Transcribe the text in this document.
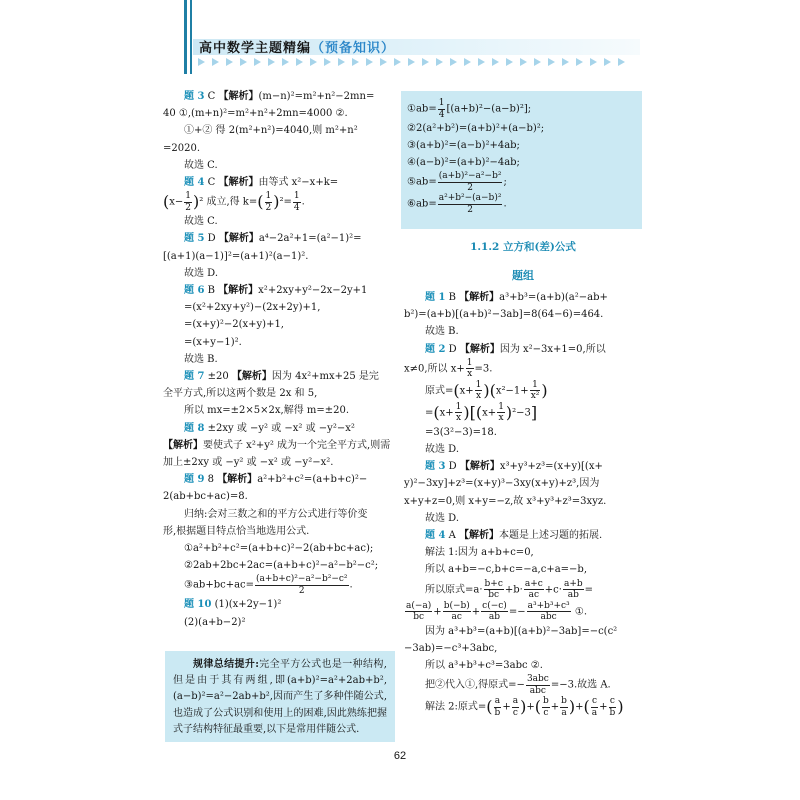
高中数学主题精编（预备知识）
题 3 C 【解析】(m−n)²=m²+n²−2mn=
40 ①,(m+n)²=m²+n²+2mn=4000 ②.
①+② 得 2(m²+n²)=4040,则 m²+n²
=2020.
故选 C.
题 4 C 【解析】由等式 x²−x+k=
$(x- \frac{1}{2} )^2$ 成立,得 $k=( \frac{1}{2} )^2= \frac{1}{4}$ .
故选 C.
题 5 D 【解析】a⁴−2a²+1=(a²−1)²=
[(a+1)(a−1)]²=(a+1)²(a−1)².
故选 D.
题 6 B 【解析】x²+2xy+y²−2x−2y+1
=(x²+2xy+y²)−(2x+2y)+1,
=(x+y)²−2(x+y)+1,
=(x+y−1)².
故选 B.
题 7 ±20 【解析】因为 4x²+mx+25 是完
全平方式,所以这两个数是 2x 和 5,
所以 mx=±2×5×2x,解得 m=±20.
题 8 ±2xy 或 −y² 或 −x² 或 −y²−x²
【解析】要使式子 x²+y² 成为一个完全平方式,则需
加上±2xy 或 −y² 或 −x² 或 −y²−x².
题 9 8 【解析】a²+b²+c²=(a+b+c)²−
2(ab+bc+ac)=8.
归纳:会对三数之和的平方公式进行等价变
形,根据题目特点恰当地选用公式.
①a²+b²+c²=(a+b+c)²−2(ab+bc+ac);
②2ab+2bc+2ac=(a+b+c)²−a²−b²−c²;
③ab+bc+ac= $\frac{\text{(a+b+c)²−a²−b²−c²}}{2}$ .
题 10 (1)(x+2y−1)²
(2)(a+b−2)²
规律总结提升:完全平方公式也是一种结构,但是由于其有两组,即(a+b)²=a²+2ab+b²,(a−b)²=a²−2ab+b²,因而产生了多种伴随公式,也造成了公式识别和使用上的困难,因此熟练把握式子结构特征最重要,以下是常用伴随公式.
①ab= $\frac{1}{4} [(a+b)^2-(a-b)^2]$;
②2(a²+b²)=(a+b)²+(a−b)²;
③(a+b)²=(a−b)²+4ab;
④(a−b)²=(a+b)²−4ab;
⑤ab= $\frac{\text{(a+b)²−a²−b²}}{2}$ ;
⑥ab= $\frac{\text{a²+b²−(a−b)²}}{2}$ .
1.1.2 立方和(差)公式
题组
题 1 B 【解析】a³+b³=(a+b)(a²−ab+
b²)=(a+b)[(a+b)²−3ab]=8(64−6)=464.
故选 B.
题 2 D 【解析】因为 x²−3x+1=0,所以
x≠0,所以 $x+ \frac{1}{x} =3$.
原式$=(x+ \frac{1}{x} )(x^2-1+ \frac{1}{\text{x²}}$ )
$=(x+ \frac{1}{x} )[(x+ \frac{1}{x} )^2-3]$
=3(3²−3)=18.
故选 D.
题 3 D 【解析】x³+y³+z³=(x+y)[(x+
y)²−3xy]+z³=(x+y)³−3xy(x+y)+z³,因为
x+y+z=0,则 x+y=−z,故 x³+y³+z³=3xyz.
故选 D.
题 4 A 【解析】本题是上述习题的拓展.
解法 1:因为 a+b+c=0,
所以 a+b=−c,b+c=−a,c+a=−b,
所以原式$=a\cdot \frac{b+c}{bc} +b\cdot \frac{a+c}{ac} +c\cdot \frac{a+b}{ab}$ =
$\frac{a(-a)}{bc} + \frac{b(-b)}{ac} + \frac{c(-c)}{ab} =- \frac{\text{a³+b³+c³}}{\text{abc}}$ ①.
因为 a³+b³=(a+b)[(a+b)²−3ab]=−c(c²
−3ab)=−c³+3abc,
所以 a³+b³+c³=3abc ②.
把②代入①,得原式=− $\frac{\text{3abc}}{\text{abc}} =-3$.故选 A.
解法 2:原式=( $\frac{a}{b} + \frac{a}{c}$ )+( $\frac{b}{c} + \frac{b}{a}$ )+( $\frac{c}{a} + \frac{c}{b}$ )
62
